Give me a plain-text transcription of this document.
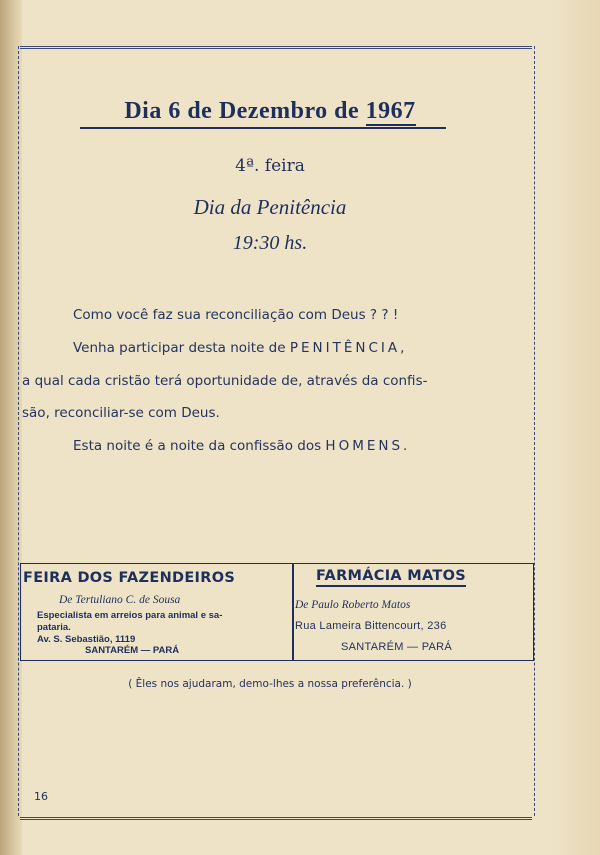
Dia 6 de Dezembro de 1967
4ª. feira
Dia da Penitência
19:30 hs.
Como você faz sua reconciliação com Deus ? ? !
Venha participar desta noite de PENITÊNCIA,
a qual cada cristão terá oportunidade de, através da confis-
são, reconciliar-se com Deus.
Esta noite é a noite da confissão dos HOMENS.
FEIRA DOS FAZENDEIROS
De Tertuliano C. de Sousa
Especialista em arreios para animal e sa-
pataria.
Av. S. Sebastião, 1119
SANTARÉM — PARÁ
FARMÁCIA MATOS
De Paulo Roberto Matos
Rua Lameira Bittencourt, 236
SANTARÉM — PARÁ
( Êles nos ajudaram, demo-lhes a nossa preferência. )
16
